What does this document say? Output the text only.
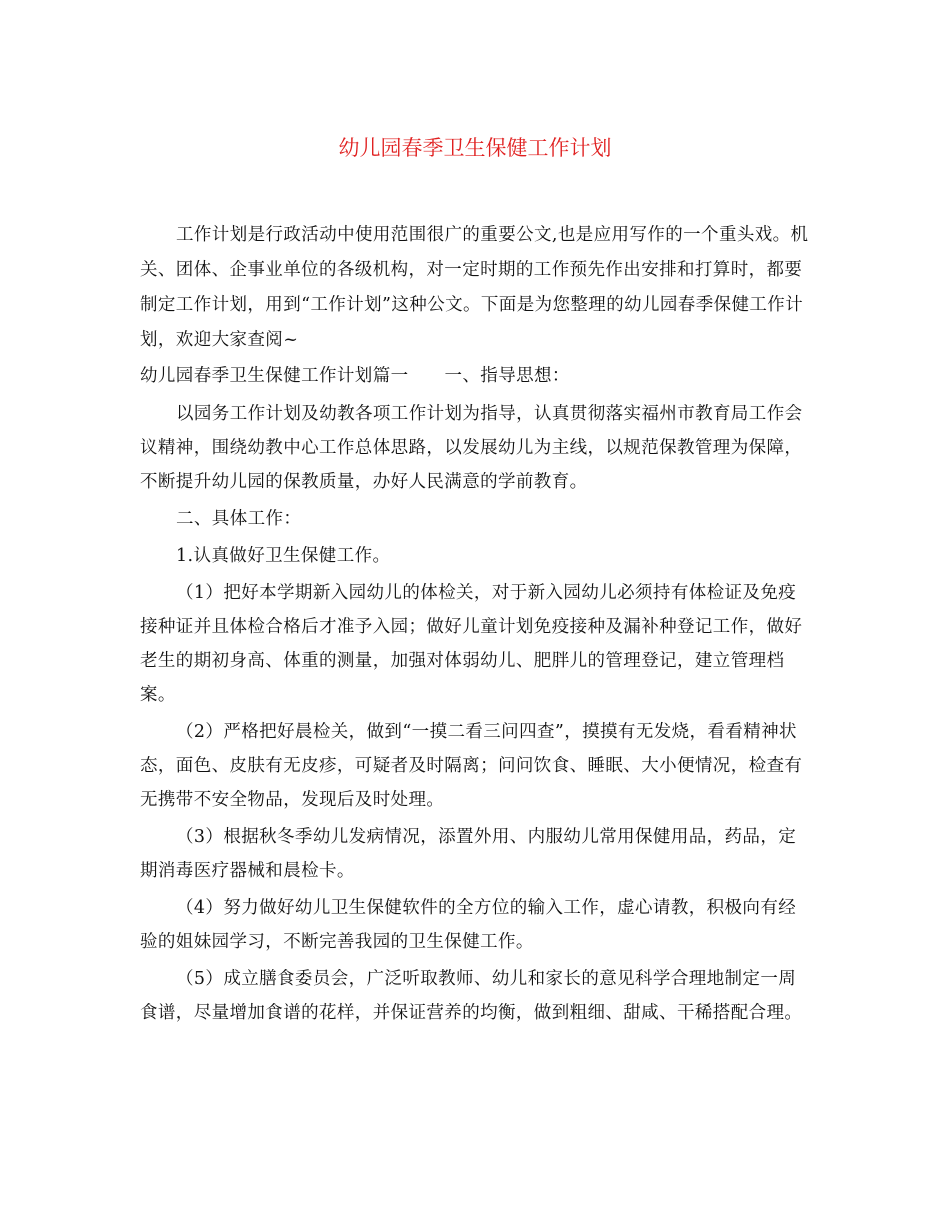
幼儿园春季卫生保健工作计划

工作计划是行政活动中使用范围很广的重要公文,也是应用写作的一个重头戏。机关、团体、企事业单位的各级机构，对一定时期的工作预先作出安排和打算时，都要制定工作计划，用到“工作计划”这种公文。下面是为您整理的幼儿园春季保健工作计划，欢迎大家查阅~

幼儿园春季卫生保健工作计划篇一 一、指导思想：

以园务工作计划及幼教各项工作计划为指导，认真贯彻落实福州市教育局工作会议精神，围绕幼教中心工作总体思路，以发展幼儿为主线，以规范保教管理为保障，不断提升幼儿园的保教质量，办好人民满意的学前教育。

二、具体工作：

1.认真做好卫生保健工作。

（1）把好本学期新入园幼儿的体检关，对于新入园幼儿必须持有体检证及免疫接种证并且体检合格后才准予入园；做好儿童计划免疫接种及漏补种登记工作，做好老生的期初身高、体重的测量，加强对体弱幼儿、肥胖儿的管理登记，建立管理档案。

（2）严格把好晨检关，做到“一摸二看三问四查”，摸摸有无发烧，看看精神状态，面色、皮肤有无皮疹，可疑者及时隔离；问问饮食、睡眠、大小便情况，检查有无携带不安全物品，发现后及时处理。

（3）根据秋冬季幼儿发病情况，添置外用、内服幼儿常用保健用品，药品，定期消毒医疗器械和晨检卡。

（4）努力做好幼儿卫生保健软件的全方位的输入工作，虚心请教，积极向有经验的姐妹园学习，不断完善我园的卫生保健工作。

（5）成立膳食委员会，广泛听取教师、幼儿和家长的意见科学合理地制定一周食谱，尽量增加食谱的花样，并保证营养的均衡，做到粗细、甜咸、干稀搭配合理。
